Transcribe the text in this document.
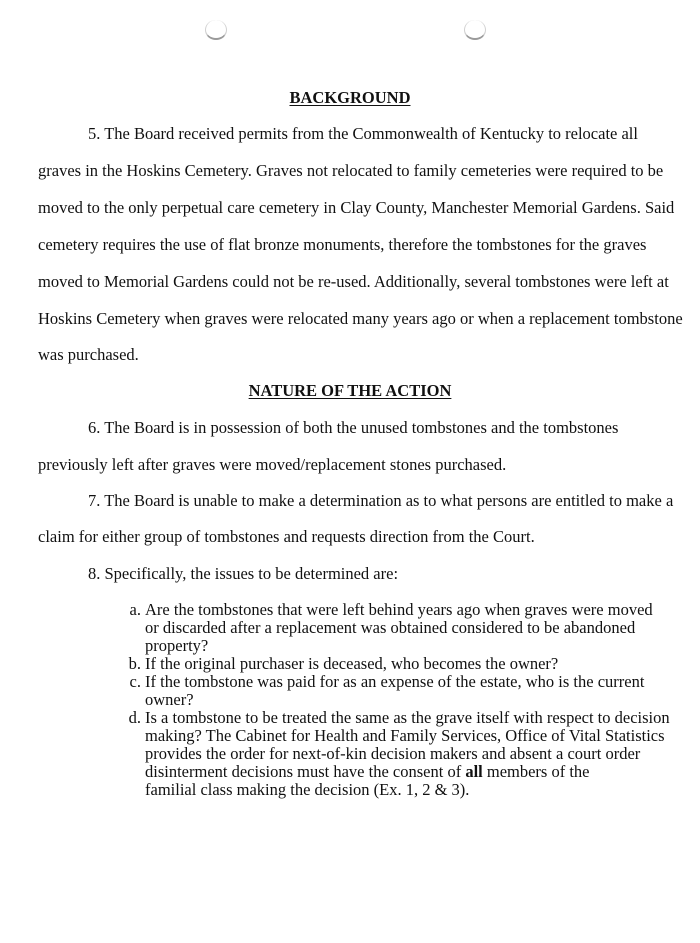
BACKGROUND

5. The Board received permits from the Commonwealth of Kentucky to relocate all

graves in the Hoskins Cemetery. Graves not relocated to family cemeteries were required to be

moved to the only perpetual care cemetery in Clay County, Manchester Memorial Gardens. Said

cemetery requires the use of flat bronze monuments, therefore the tombstones for the graves

moved to Memorial Gardens could not be re-used. Additionally, several tombstones were left at

Hoskins Cemetery when graves were relocated many years ago or when a replacement tombstone

was purchased.

NATURE OF THE ACTION

6. The Board is in possession of both the unused tombstones and the tombstones

previously left after graves were moved/replacement stones purchased.

7. The Board is unable to make a determination as to what persons are entitled to make a

claim for either group of tombstones and requests direction from the Court.

8. Specifically, the issues to be determined are:

a. Are the tombstones that were left behind years ago when graves were moved
or discarded after a replacement was obtained considered to be abandoned
property?
b. If the original purchaser is deceased, who becomes the owner?
c. If the tombstone was paid for as an expense of the estate, who is the current
owner?
d. Is a tombstone to be treated the same as the grave itself with respect to decision
making? The Cabinet for Health and Family Services, Office of Vital Statistics
provides the order for next-of-kin decision makers and absent a court order
disinterment decisions must have the consent of all members of the
familial class making the decision (Ex. 1, 2 & 3).
